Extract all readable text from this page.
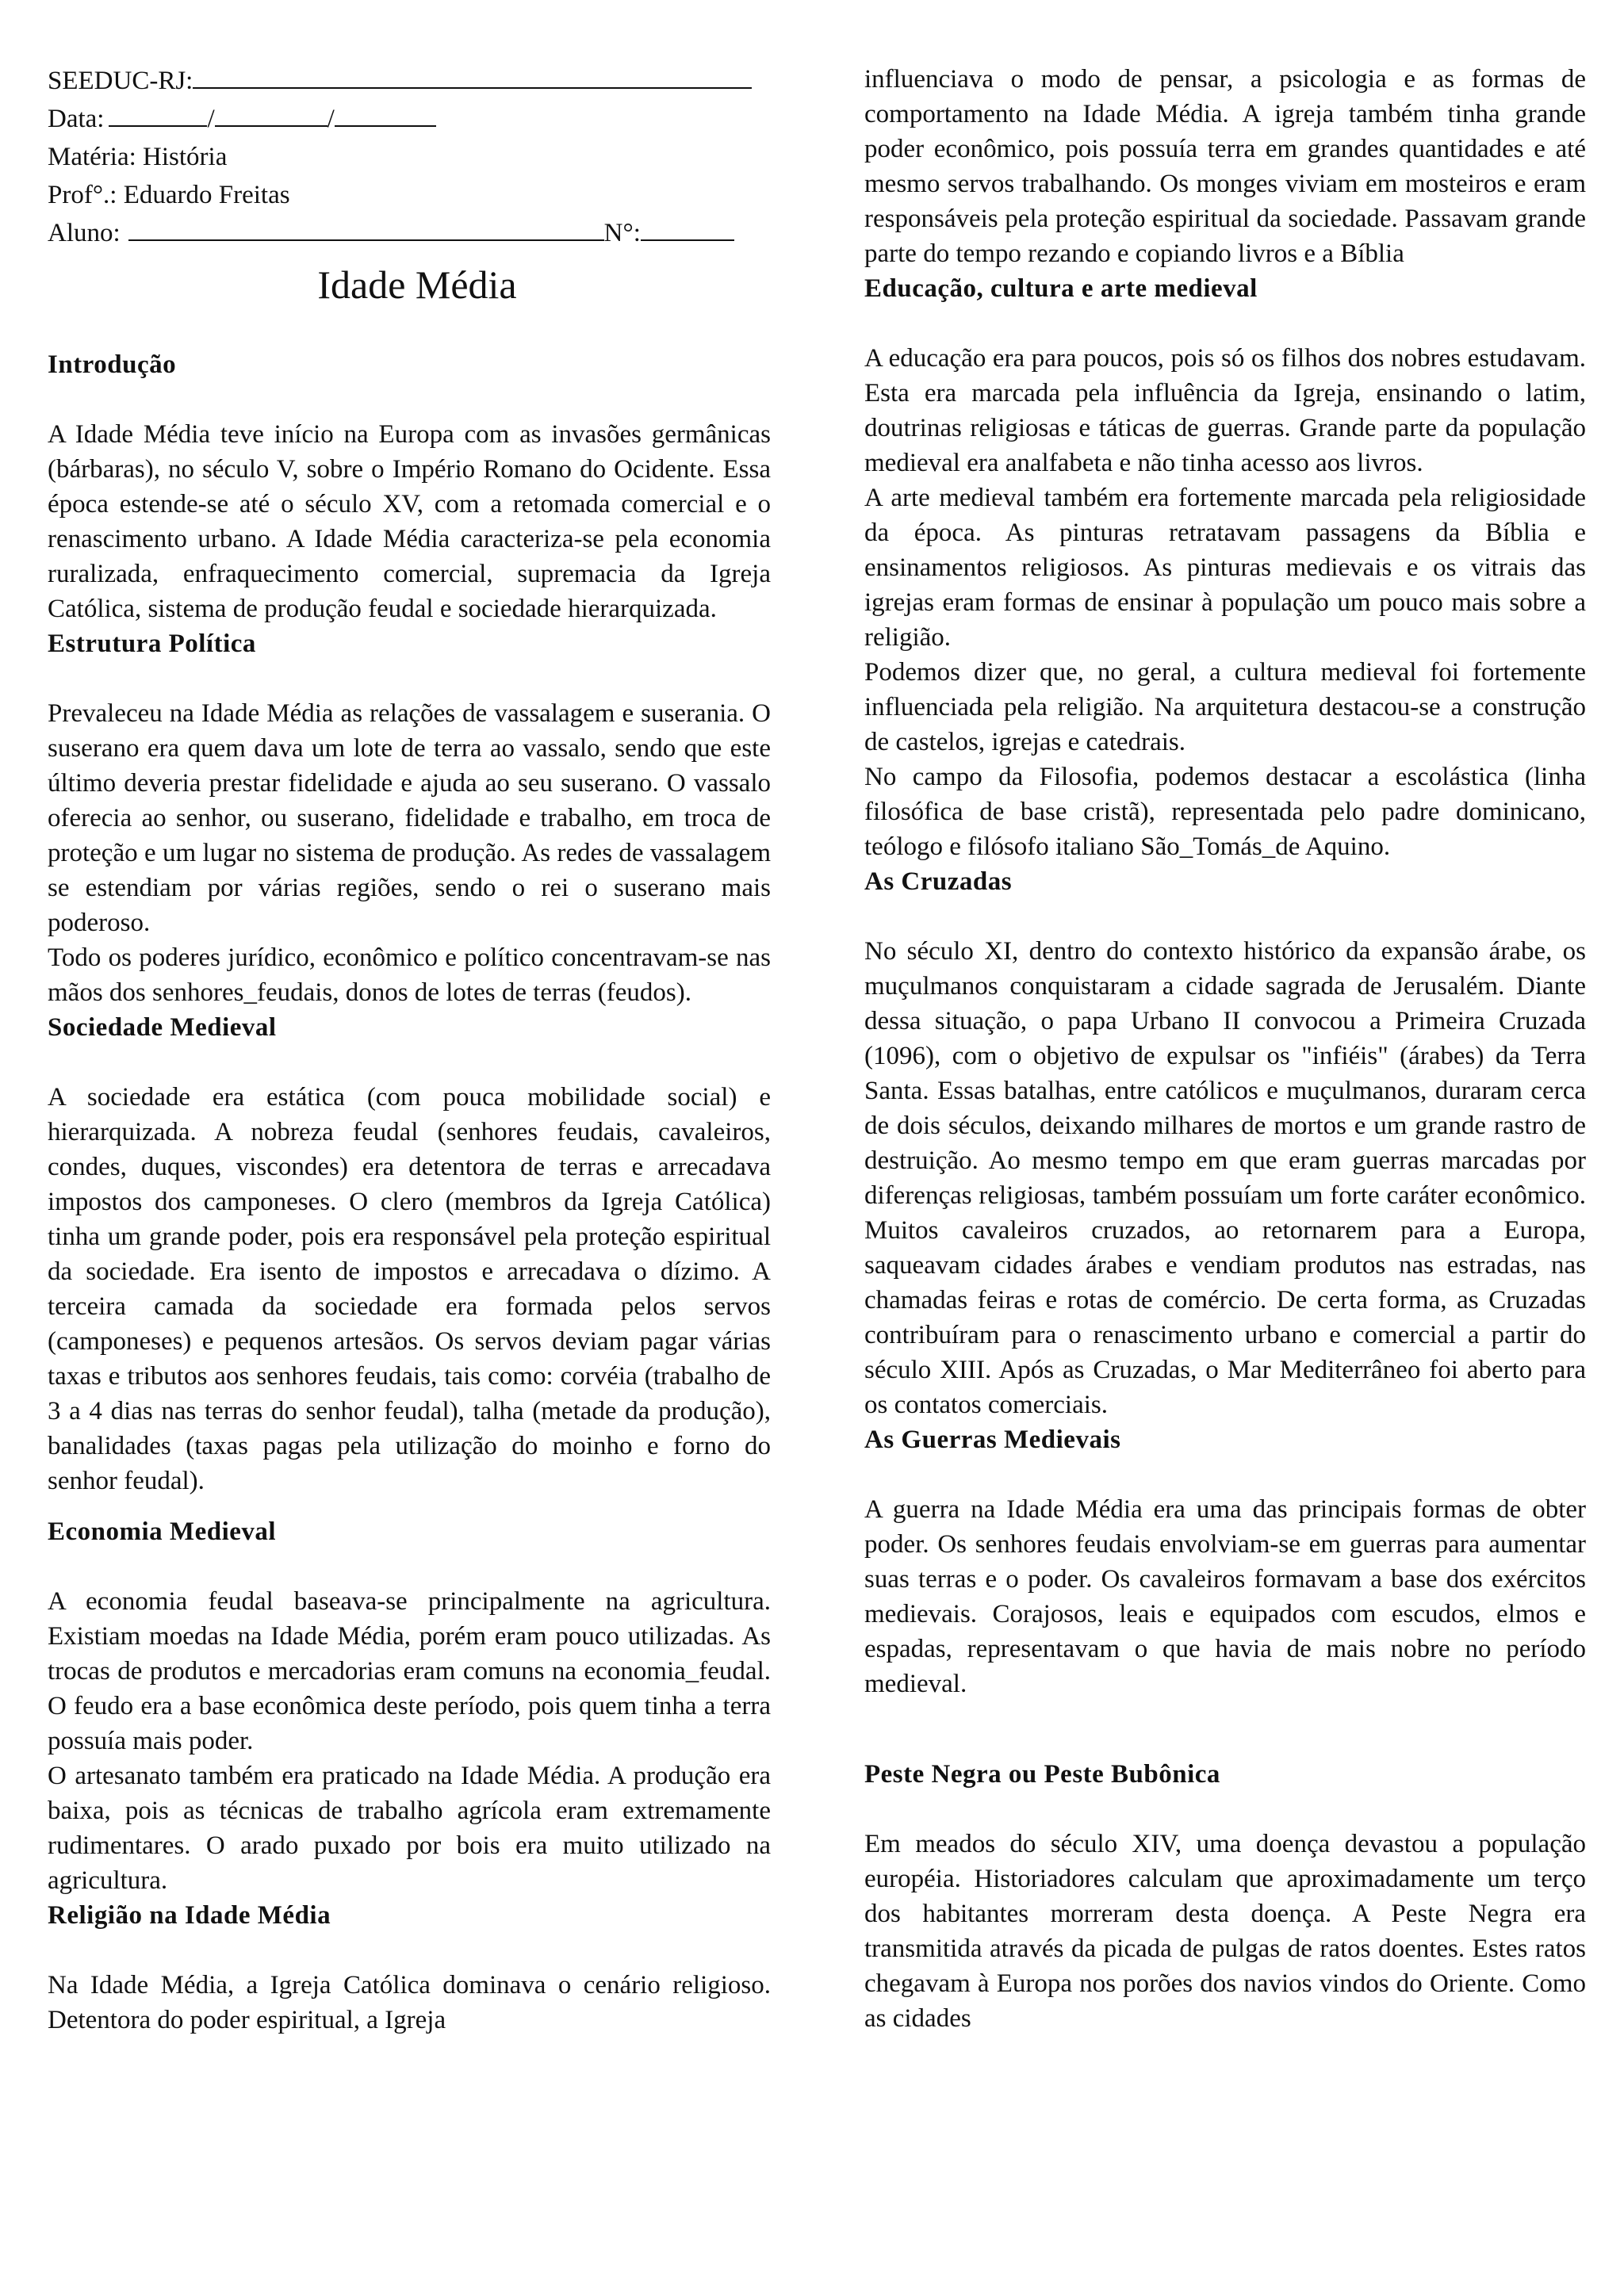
SEEDUC-RJ:
Data:	/	/
Matéria: História
Prof°.: Eduardo Freitas
Aluno:	N°:
Idade Média
Introdução

A Idade Média teve início na Europa com as invasões germânicas (bárbaras), no século V, sobre o Império Romano do Ocidente. Essa época estende-se até o século XV, com a retomada comercial e o renascimento urbano. A Idade Média caracteriza-se pela economia ruralizada, enfraquecimento comercial, supremacia da Igreja Católica, sistema de produção feudal e sociedade hierarquizada.

Estrutura Política

Prevaleceu na Idade Média as relações de vassalagem e suserania. O suserano era quem dava um lote de terra ao vassalo, sendo que este último deveria prestar fidelidade e ajuda ao seu suserano. O vassalo oferecia ao senhor, ou suserano, fidelidade e trabalho, em troca de proteção e um lugar no sistema de produção. As redes de vassalagem se estendiam por várias regiões, sendo o rei o suserano mais poderoso.

Todo os poderes jurídico, econômico e político concentravam-se nas mãos dos senhores_feudais, donos de lotes de terras (feudos).

Sociedade Medieval

A sociedade era estática (com pouca mobilidade social) e hierarquizada. A nobreza feudal (senhores feudais, cavaleiros, condes, duques, viscondes) era detentora de terras e arrecadava impostos dos camponeses. O clero (membros da Igreja Católica) tinha um grande poder, pois era responsável pela proteção espiritual da sociedade. Era isento de impostos e arrecadava o dízimo. A terceira camada da sociedade era formada pelos servos (camponeses) e pequenos artesãos. Os servos deviam pagar várias taxas e tributos aos senhores feudais, tais como: corvéia (trabalho de 3 a 4 dias nas terras do senhor feudal), talha (metade da produção), banalidades (taxas pagas pela utilização do moinho e forno do senhor feudal).

Economia Medieval

A economia feudal baseava-se principalmente na agricultura. Existiam moedas na Idade Média, porém eram pouco utilizadas. As trocas de produtos e mercadorias eram comuns na economia_feudal. O feudo era a base econômica deste período, pois quem tinha a terra possuía mais poder.

O artesanato também era praticado na Idade Média. A produção era baixa, pois as técnicas de trabalho agrícola eram extremamente rudimentares. O arado puxado por bois era muito utilizado na agricultura.

Religião na Idade Média

Na Idade Média, a Igreja Católica dominava o cenário religioso. Detentora do poder espiritual, a Igreja

influenciava o modo de pensar, a psicologia e as formas de comportamento na Idade Média. A igreja também tinha grande poder econômico, pois possuía terra em grandes quantidades e até mesmo servos trabalhando. Os monges viviam em mosteiros e eram responsáveis pela proteção espiritual da sociedade. Passavam grande parte do tempo rezando e copiando livros e a Bíblia

Educação, cultura e arte medieval

A educação era para poucos, pois só os filhos dos nobres estudavam. Esta era marcada pela influência da Igreja, ensinando o latim, doutrinas religiosas e táticas de guerras. Grande parte da população medieval era analfabeta e não tinha acesso aos livros.

A arte medieval também era fortemente marcada pela religiosidade da época. As pinturas retratavam passagens da Bíblia e ensinamentos religiosos. As pinturas medievais e os vitrais das igrejas eram formas de ensinar à população um pouco mais sobre a religião.

Podemos dizer que, no geral, a cultura medieval foi fortemente influenciada pela religião. Na arquitetura destacou-se a construção de castelos, igrejas e catedrais.

No campo da Filosofia, podemos destacar a escolástica (linha filosófica de base cristã), representada pelo padre dominicano, teólogo e filósofo italiano São_Tomás_de Aquino.

As Cruzadas

No século XI, dentro do contexto histórico da expansão árabe, os muçulmanos conquistaram a cidade sagrada de Jerusalém. Diante dessa situação, o papa Urbano II convocou a Primeira Cruzada (1096), com o objetivo de expulsar os "infiéis" (árabes) da Terra Santa. Essas batalhas, entre católicos e muçulmanos, duraram cerca de dois séculos, deixando milhares de mortos e um grande rastro de destruição. Ao mesmo tempo em que eram guerras marcadas por diferenças religiosas, também possuíam um forte caráter econômico. Muitos cavaleiros cruzados, ao retornarem para a Europa, saqueavam cidades árabes e vendiam produtos nas estradas, nas chamadas feiras e rotas de comércio. De certa forma, as Cruzadas contribuíram para o renascimento urbano e comercial a partir do século XIII. Após as Cruzadas, o Mar Mediterrâneo foi aberto para os contatos comerciais.

As Guerras Medievais

A guerra na Idade Média era uma das principais formas de obter poder. Os senhores feudais envolviam-se em guerras para aumentar suas terras e o poder. Os cavaleiros formavam a base dos exércitos medievais. Corajosos, leais e equipados com escudos, elmos e espadas, representavam o que havia de mais nobre no período medieval.

Peste Negra ou Peste Bubônica

Em meados do século XIV, uma doença devastou a população européia. Historiadores calculam que aproximadamente um terço dos habitantes morreram desta doença. A Peste Negra era transmitida através da picada de pulgas de ratos doentes. Estes ratos chegavam à Europa nos porões dos navios vindos do Oriente. Como as cidades
